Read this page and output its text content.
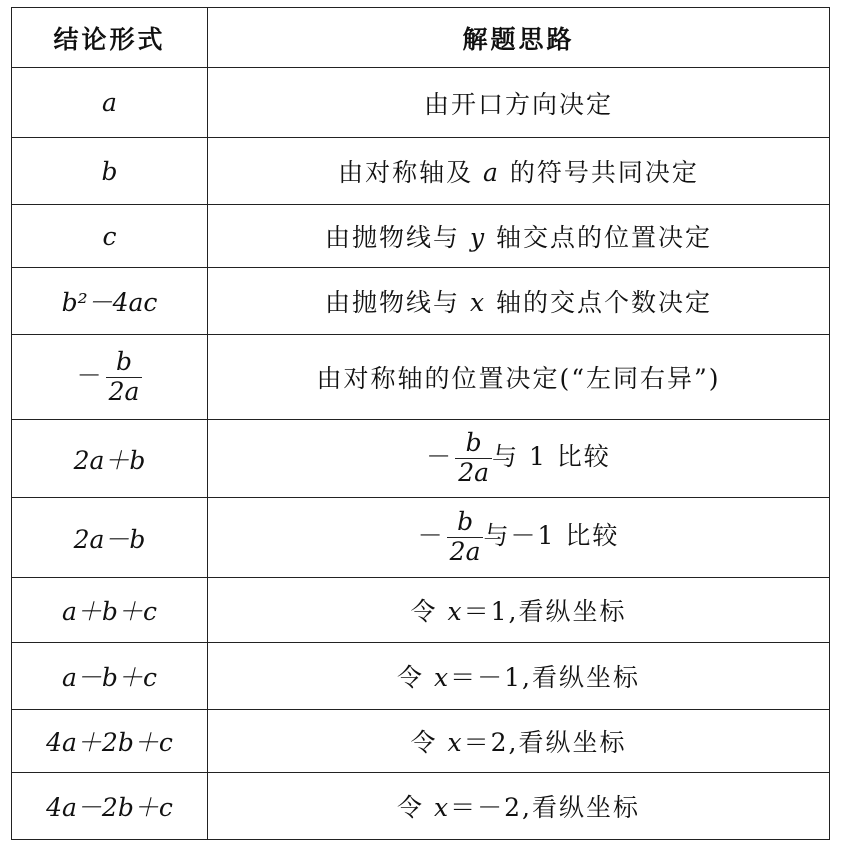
结论形式	解题思路
a	由开口方向决定
b	由对称轴及 a 的符号共同决定
c	由抛物线与 y 轴交点的位置决定
b²－4ac	由抛物线与 x 轴的交点个数决定
－ $\frac{b}{2a}$	由对称轴的位置决定(“左同右异”)
2a＋b	－ $\frac{b}{2a}$ 与 1 比较
2a－b	－ $\frac{b}{2a}$ 与－1 比较
a＋b＋c	令 x＝1,看纵坐标
a－b＋c	令 x＝－1,看纵坐标
4a＋2b＋c	令 x＝2,看纵坐标
4a－2b＋c	令 x＝－2,看纵坐标
